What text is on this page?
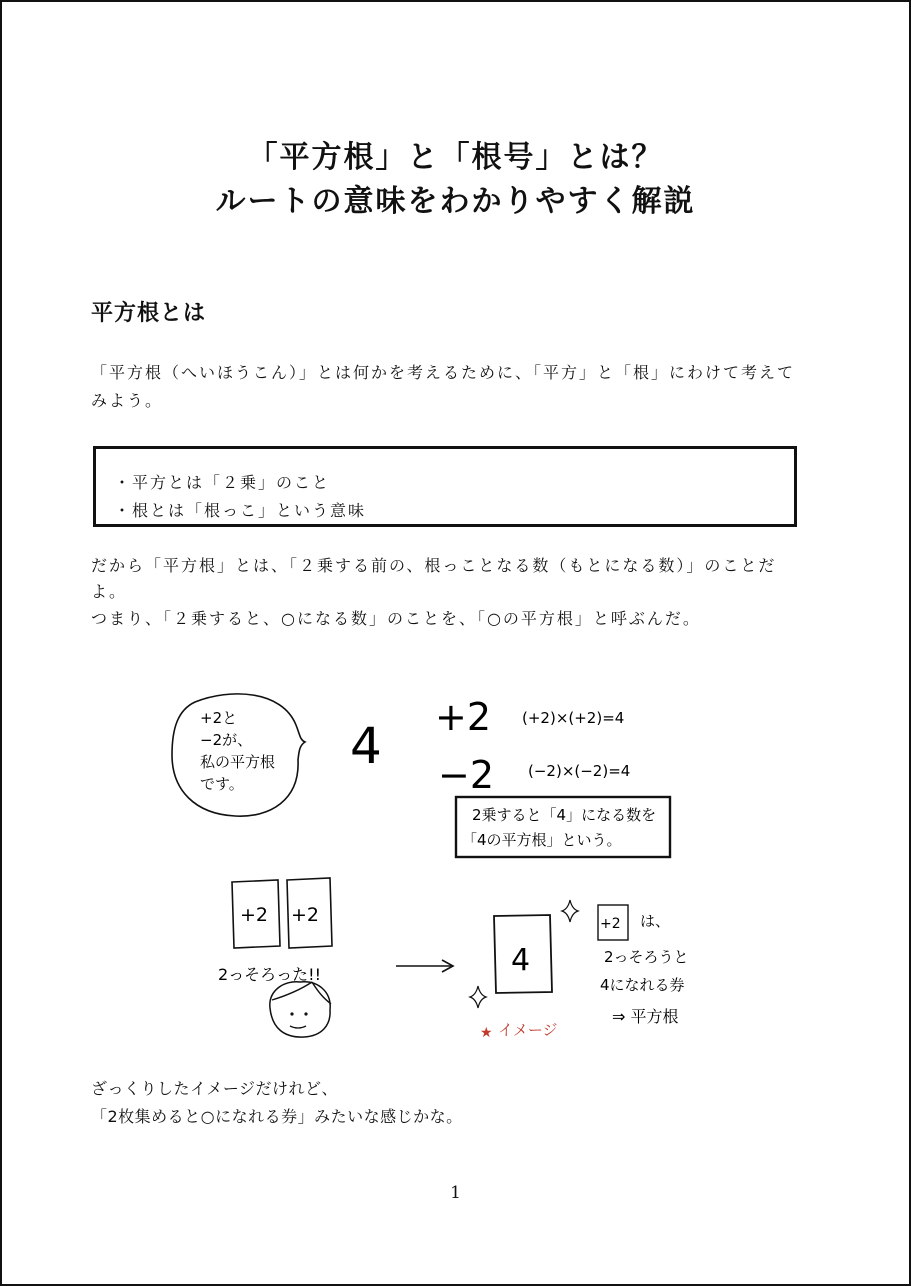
「平方根」と「根号」とは？
ルートの意味をわかりやすく解説
平方根とは
「平方根（へいほうこん）」とは何かを考えるために、「平方」と「根」にわけて考えて
みよう。
・平方とは「２乗」のこと
・根とは「根っこ」という意味
だから「平方根」とは、「２乗する前の、根っことなる数（もとになる数）」のことだ
よ。
つまり、「２乗すると、○になる数」のことを、「○の平方根」と呼ぶんだ。
+2と
−2が、
私の平方根
です。
4 +2
−2
(+2)×(+2)=4
(−2)×(−2)=4
2乗すると「4」になる数を
「4の平方根」という。
+2 +2
2っそろった!!	4
★ イメージ
+2 は、
2っそろうと
4になれる券
⇒ 平方根
ざっくりしたイメージだけれど、
「2枚集めると○になれる券」みたいな感じかな。
1
